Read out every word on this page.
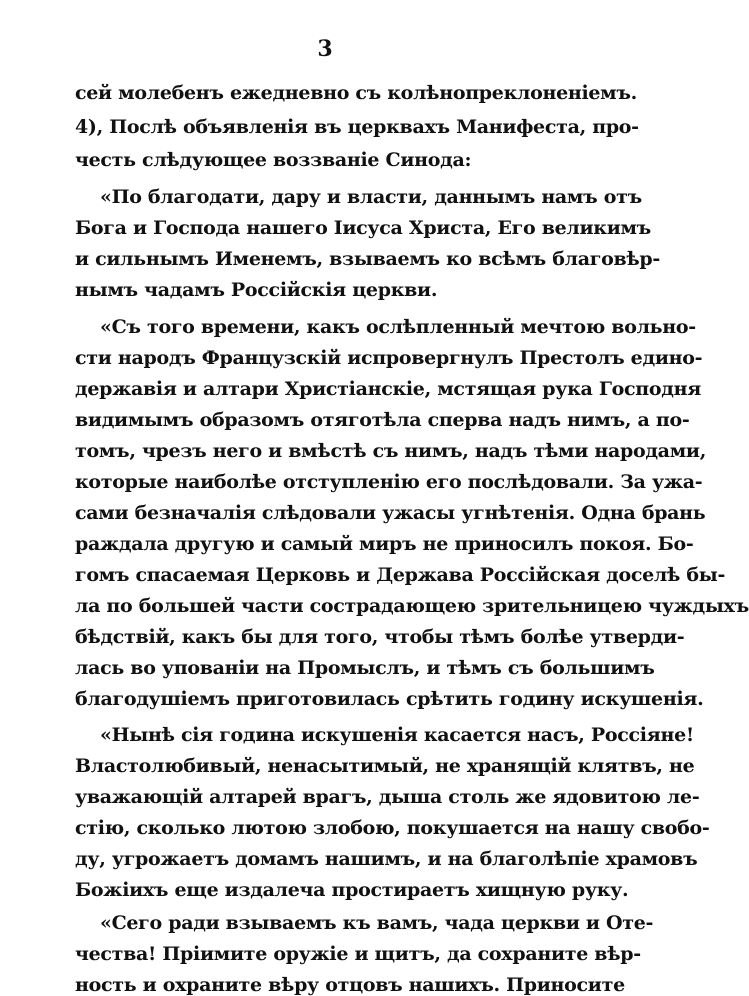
3
сей молебенъ ежедневно съ колѣнопреклоненіемъ.
4), Послѣ объявленія въ церквахъ Манифеста, про-
честь слѣдующее воззваніе Синода:
«По благодати, дару и власти, даннымъ намъ отъ
Бога и Господа нашего Іисуса Христа, Его великимъ
и сильнымъ Именемъ, взываемъ ко всѣмъ благовѣр-
нымъ чадамъ Россійскія церкви.
«Съ того времени, какъ ослѣпленный мечтою вольно-
сти народъ Французскій испровергнулъ Престолъ едино-
державія и алтари Христіанскіе, мстящая рука Господня
видимымъ образомъ отяготѣла сперва надъ нимъ, а по-
томъ, чрезъ него и вмѣстѣ съ нимъ, надъ тѣми народами,
которые наиболѣе отступленію его послѣдовали. За ужа-
сами безначалія слѣдовали ужасы угнѣтенія. Одна брань
раждала другую и самый миръ не приносилъ покоя. Бо-
гомъ спасаемая Церковь и Держава Россійская доселѣ бы-
ла по большей части сострадающею зрительницею чуждыхъ
бѣдствій, какъ бы для того, чтобы тѣмъ болѣе утверди-
лась во упованіи на Промыслъ, и тѣмъ съ большимъ
благодушіемъ приготовилась срѣтить годину искушенія.
«Нынѣ сія година искушенія касается насъ, Россіяне!
Властолюбивый, ненасытимый, не хранящій клятвъ, не
уважающій алтарей врагъ, дыша столь же ядовитою ле-
стію, сколько лютою злобою, покушается на нашу свобо-
ду, угрожаетъ домамъ нашимъ, и на благолѣпіе храмовъ
Божіихъ еще издалеча простираетъ хищную руку.
«Сего ради взываемъ къ вамъ, чада церкви и Оте-
чества! Пріимите оружіе и щитъ, да сохраните вѣр-
ность и охраните вѣру отцовъ нашихъ. Приносите
